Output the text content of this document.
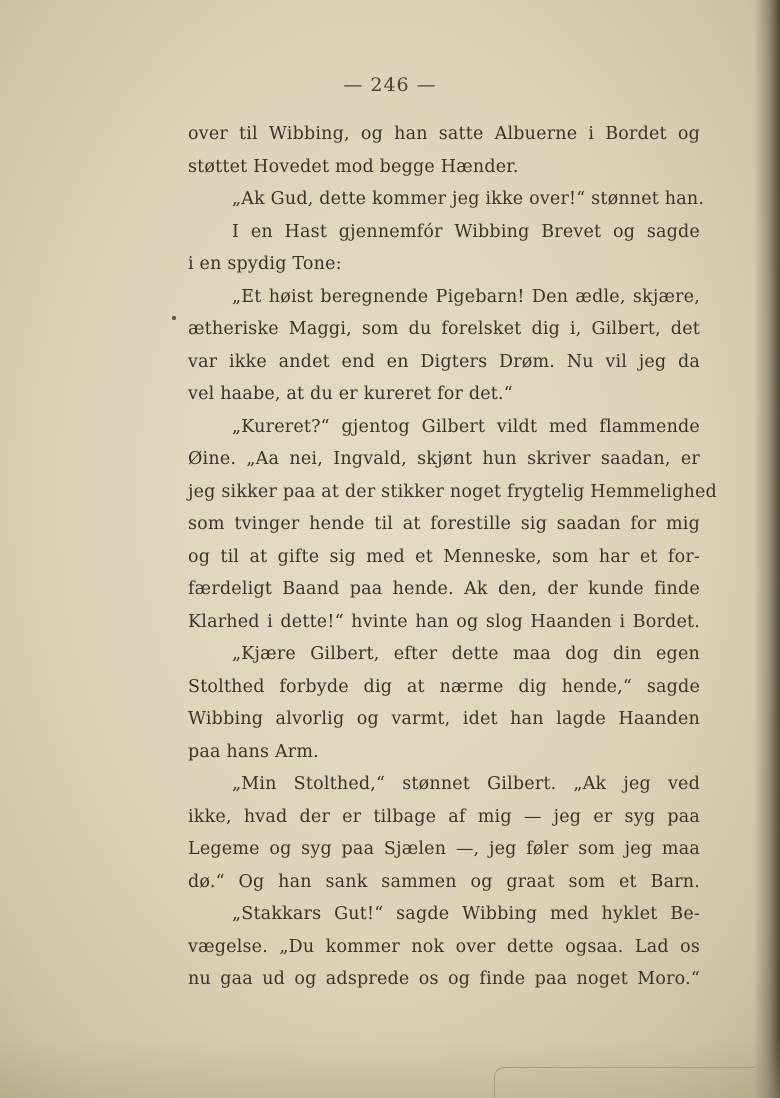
— 246 —
over til Wibbing, og han satte Albuerne i Bordet og
støttet Hovedet mod begge Hænder.
„Ak Gud, dette kommer jeg ikke over!“ stønnet han.
I en Hast gjennemfór Wibbing Brevet og sagde
i en spydig Tone:
„Et høist beregnende Pigebarn! Den ædle, skjære,
ætheriske Maggi, som du forelsket dig i, Gilbert, det
var ikke andet end en Digters Drøm. Nu vil jeg da
vel haabe, at du er kureret for det.“
„Kureret?“ gjentog Gilbert vildt med flammende
Øine. „Aa nei, Ingvald, skjønt hun skriver saadan, er
jeg sikker paa at der stikker noget frygtelig Hemmelighed
som tvinger hende til at forestille sig saadan for mig
og til at gifte sig med et Menneske, som har et for-
færdeligt Baand paa hende. Ak den, der kunde finde
Klarhed i dette!“ hvinte han og slog Haanden i Bordet.
„Kjære Gilbert, efter dette maa dog din egen
Stolthed forbyde dig at nærme dig hende,“ sagde
Wibbing alvorlig og varmt, idet han lagde Haanden
paa hans Arm.
„Min Stolthed,“ stønnet Gilbert. „Ak jeg ved
ikke, hvad der er tilbage af mig — jeg er syg paa
Legeme og syg paa Sjælen —, jeg føler som jeg maa
dø.“ Og han sank sammen og graat som et Barn.
„Stakkars Gut!“ sagde Wibbing med hyklet Be-
vægelse. „Du kommer nok over dette ogsaa. Lad os
nu gaa ud og adsprede os og finde paa noget Moro.“
